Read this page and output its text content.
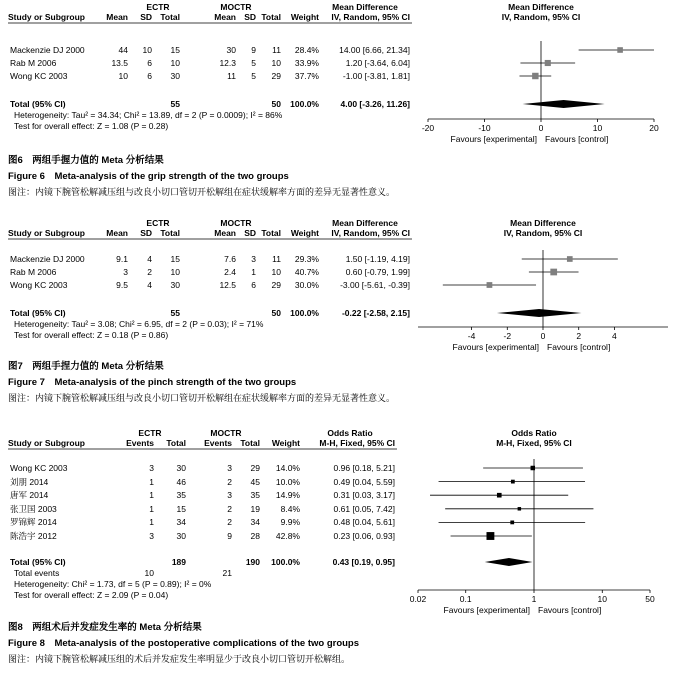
ECTR	MOCTR	Mean Difference	Mean Difference
Study or Subgroup	Mean SD Total	Mean SD Total Weight IV, Random, 95% CI	IV, Random, 95% CI
Mackenzie DJ 2000	44 10 15	30 9 11 28.4% 14.00 [6.66, 21.34]
Rab M 2006	13.5 6 10	12.3 5 10 33.9%	1.20 [-3.64, 6.04]
Wong KC 2003	10 6 30	11 5 29 37.7%	-1.00 [-3.81, 1.81]
Total (95% CI)	55	50 100.0%	4.00 [-3.26, 11.26]
Heterogeneity: Tau² = 34.34; Chi² = 13.89, df = 2 (P = 0.0009); I² = 86%
Test for overall effect: Z = 1.08 (P = 0.28)	-20	-10	0	10	20
Favours [experimental] Favours [control]
图6　两组手握力值的 Meta 分析结果
Figure 6　Meta-analysis of the grip strength of the two groups
图注：内镜下腕管松解减压组与改良小切口管切开松解组在症状缓解率方面的差异无显著性意义。
ECTR	MOCTR	Mean Difference	Mean Difference
Study or Subgroup	Mean SD Total	Mean SD Total Weight IV, Random, 95% CI	IV, Random, 95% CI
Mackenzie DJ 2000	9.1 4 15	7.6 3 11 29.3%	1.50 [-1.19, 4.19]
Rab M 2006	3 2 10	2.4 1 10 40.7%	0.60 [-0.79, 1.99]
Wong KC 2003	9.5 4 30	12.5 6 29 30.0% -3.00 [-5.61, -0.39]
Total (95% CI)	55	50 100.0%	-0.22 [-2.58, 2.15]
Heterogeneity: Tau² = 3.08; Chi² = 6.95, df = 2 (P = 0.03); I² = 71%
Test for overall effect: Z = 0.18 (P = 0.86)	-4	-2	0	2	4
Favours [experimental] Favours [control]
图7　两组手捏力值的 Meta 分析结果
Figure 7　Meta-analysis of the pinch strength of the two groups
图注：内镜下腕管松解减压组与改良小切口管切开松解组在症状缓解率方面的差异无显著性意义。
ECTR	MOCTR	Odds Ratio	Odds Ratio
Study or Subgroup	Events Total Events Total Weight M-H, Fixed, 95% CI	M-H, Fixed, 95% CI
Wong KC 2003	3	30	3 29 14.0%	0.96 [0.18, 5.21]
刘朋 2014	1	46	2 45 10.0%	0.49 [0.04, 5.59]
唐军 2014	1	35	3 35 14.9%	0.31 [0.03, 3.17]
张卫国 2003	1	15	2 19 8.4%	0.61 [0.05, 7.42]
罗锦辉 2014	1	34	2 34 9.9%	0.48 [0.04, 5.61]
陈浩宇 2012	3	30	9 28 42.8%	0.23 [0.06, 0.93]
Total (95% CI)	189	190 100.0%	0.43 [0.19, 0.95]
Total events	10	21
Heterogeneity: Chi² = 1.73, df = 5 (P = 0.89); I² = 0%
Test for overall effect: Z = 2.09 (P = 0.04)	0.02	0.1	1	10	50
Favours [experimental] Favours [control]
图8　两组术后并发症发生率的 Meta 分析结果
Figure 8　Meta-analysis of the postoperative complications of the two groups
图注：内镜下腕管松解减压组的术后并发症发生率明显少于改良小切口管切开松解组。
